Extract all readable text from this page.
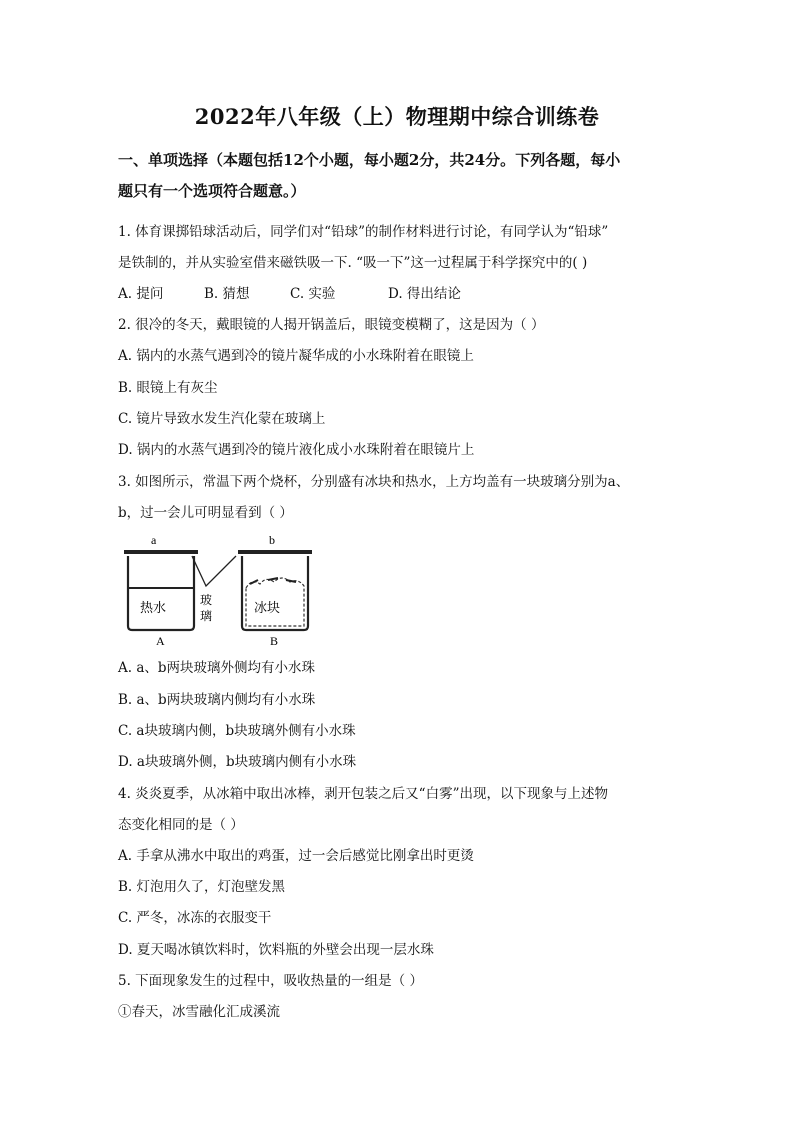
2022年八年级（上）物理期中综合训练卷
一、单项选择（本题包括12个小题，每小题2分，共24分。下列各题，每小
题只有一个选项符合题意。）
1. 体育课掷铅球活动后，同学们对“铅球”的制作材料进行讨论，有同学认为“铅球”
是铁制的，并从实验室借来磁铁吸一下. “吸一下”这一过程属于科学探究中的( )
A. 提问	B. 猜想	C. 实验	D. 得出结论
2. 很冷的冬天，戴眼镜的人揭开锅盖后，眼镜变模糊了，这是因为（ ）
A. 锅内的水蒸气遇到冷的镜片凝华成的小水珠附着在眼镜上
B. 眼镜上有灰尘
C. 镜片导致水发生汽化蒙在玻璃上
D. 锅内的水蒸气遇到冷的镜片液化成小水珠附着在眼镜片上
3. 如图所示，常温下两个烧杯，分别盛有冰块和热水，上方均盖有一块玻璃分别为a、
b，过一会儿可明显看到（ ）
a	b
热水
A
玻
璃	冰块
B
A. a、b两块玻璃外侧均有小水珠
B. a、b两块玻璃内侧均有小水珠
C. a块玻璃内侧，b块玻璃外侧有小水珠
D. a块玻璃外侧，b块玻璃内侧有小水珠
4. 炎炎夏季，从冰箱中取出冰棒，剥开包装之后又“白雾”出现，以下现象与上述物
态变化相同的是（ ）
A. 手拿从沸水中取出的鸡蛋，过一会后感觉比刚拿出时更烫
B. 灯泡用久了，灯泡壁发黑
C. 严冬，冰冻的衣服变干
D. 夏天喝冰镇饮料时，饮料瓶的外壁会出现一层水珠
5. 下面现象发生的过程中，吸收热量的一组是（ ）
①春天，冰雪融化汇成溪流
